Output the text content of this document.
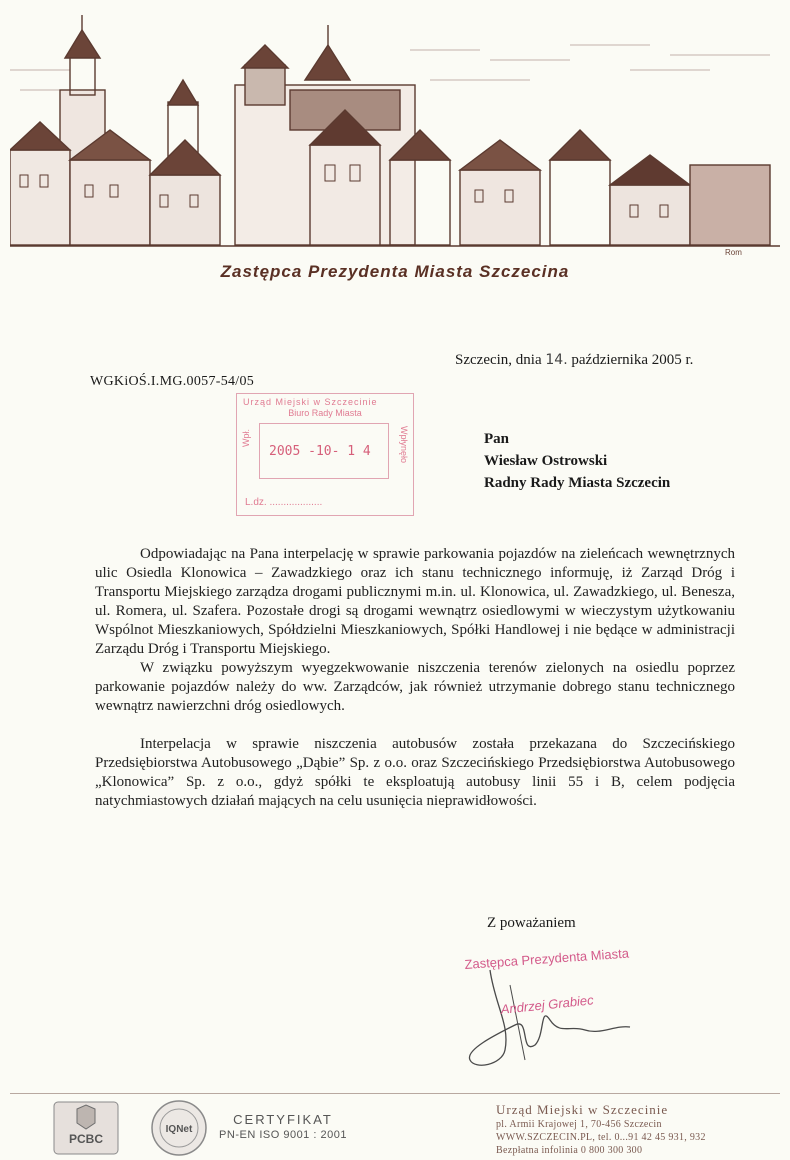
Rom
Zastępca Prezydenta Miasta Szczecina
Szczecin, dnia 14. października 2005 r.
WGKiOŚ.I.MG.0057-54/05
Urząd Miejski w Szczecinie
Biuro Rady Miasta
2005 -10- 1 4
Wpł.	Wpłynęło
L.dz. ...................
Pan
Wiesław Ostrowski
Radny Rady Miasta Szczecin

Odpowiadając na Pana interpelację w sprawie parkowania pojazdów na zieleńcach wewnętrznych ulic Osiedla Klonowica – Zawadzkiego oraz ich stanu technicznego informuję, iż Zarząd Dróg i Transportu Miejskiego zarządza drogami publicznymi m.in. ul. Klonowica, ul. Zawadzkiego, ul. Benesza, ul. Romera, ul. Szafera. Pozostałe drogi są drogami wewnątrz osiedlowymi w wieczystym użytkowaniu Wspólnot Mieszkaniowych, Spółdzielni Mieszkaniowych, Spółki Handlowej i nie będące w administracji Zarządu Dróg i Transportu Miejskiego.

W związku powyższym wyegzekwowanie niszczenia terenów zielonych na osiedlu poprzez parkowanie pojazdów należy do ww. Zarządców, jak również utrzymanie dobrego stanu technicznego wewnątrz nawierzchni dróg osiedlowych.

Interpelacja w sprawie niszczenia autobusów została przekazana do Szczecińskiego Przedsiębiorstwa Autobusowego „Dąbie” Sp. z o.o. oraz Szczecińskiego Przedsiębiorstwa Autobusowego „Klonowica” Sp. z o.o., gdyż spółki te eksploatują autobusy linii 55 i B, celem podjęcia natychmiastowych działań mających na celu usunięcia nieprawidłowości.

Z poważaniem
Zastępca Prezydenta Miasta
Andrzej Grabiec
PCBC
IQNet
CERTYFIKAT
PN-EN ISO 9001 : 2001
Urząd Miejski w Szczecinie
pl. Armii Krajowej 1, 70-456 Szczecin
WWW.SZCZECIN.PL, tel. 0...91 42 45 931, 932
Bezpłatna infolinia 0 800 300 300
